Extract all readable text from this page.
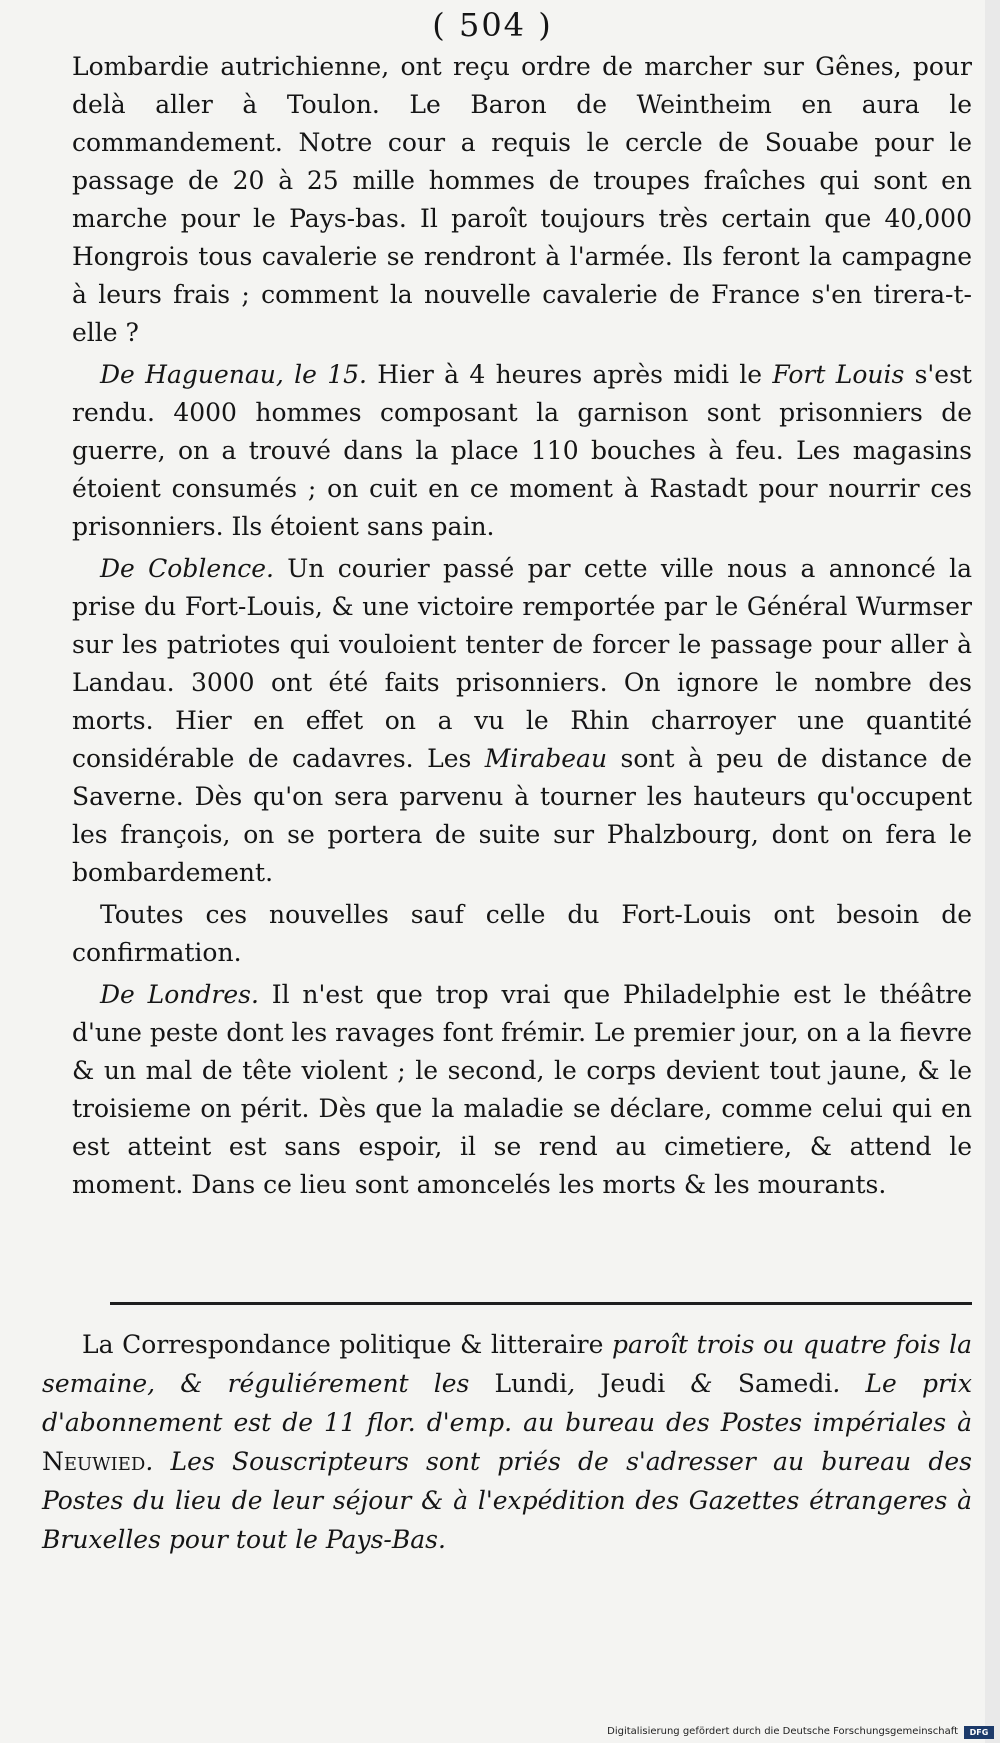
( 504 )

Lombardie autrichienne, ont reçu ordre de marcher sur Gênes, pour delà aller à Toulon. Le Baron de Weintheim en aura le commandement. Notre cour a requis le cercle de Souabe pour le passage de 20 à 25 mille hommes de troupes fraîches qui sont en marche pour le Pays-bas. Il paroît toujours très certain que 40,000 Hongrois tous cavalerie se rendront à l'armée. Ils feront la campagne à leurs frais ; comment la nouvelle cavalerie de France s'en tirera-t-elle ?

De Haguenau, le 15. Hier à 4 heures après midi le Fort Louis s'est rendu. 4000 hommes composant la garnison sont prisonniers de guerre, on a trouvé dans la place 110 bouches à feu. Les magasins étoient consumés ; on cuit en ce moment à Rastadt pour nourrir ces prisonniers. Ils étoient sans pain.

De Coblence. Un courier passé par cette ville nous a annoncé la prise du Fort-Louis, & une victoire remportée par le Général Wurmser sur les patriotes qui vouloient tenter de forcer le passage pour aller à Landau. 3000 ont été faits prisonniers. On ignore le nombre des morts. Hier en effet on a vu le Rhin charroyer une quantité considérable de cadavres. Les Mirabeau sont à peu de distance de Saverne. Dès qu'on sera parvenu à tourner les hauteurs qu'occupent les françois, on se portera de suite sur Phalzbourg, dont on fera le bombardement.

Toutes ces nouvelles sauf celle du Fort-Louis ont besoin de confirmation.

De Londres. Il n'est que trop vrai que Philadelphie est le théâtre d'une peste dont les ravages font frémir. Le premier jour, on a la fievre & un mal de tête violent ; le second, le corps devient tout jaune, & le troisieme on périt. Dès que la maladie se déclare, comme celui qui en est atteint est sans espoir, il se rend au cimetiere, & attend le moment. Dans ce lieu sont amoncelés les morts & les mourants.

La Correspondance politique & litteraire paroît trois ou quatre fois la semaine, & réguliérement les Lundi, Jeudi & Samedi. Le prix d'abonnement est de 11 flor. d'emp. au bureau des Postes impériales à Neuwied. Les Souscripteurs sont priés de s'adresser au bureau des Postes du lieu de leur séjour & à l'expédition des Gazettes étrangeres à Bruxelles pour tout le Pays-Bas.
Digitalisierung gefördert durch die Deutsche Forschungsgemeinschaft	DFG
